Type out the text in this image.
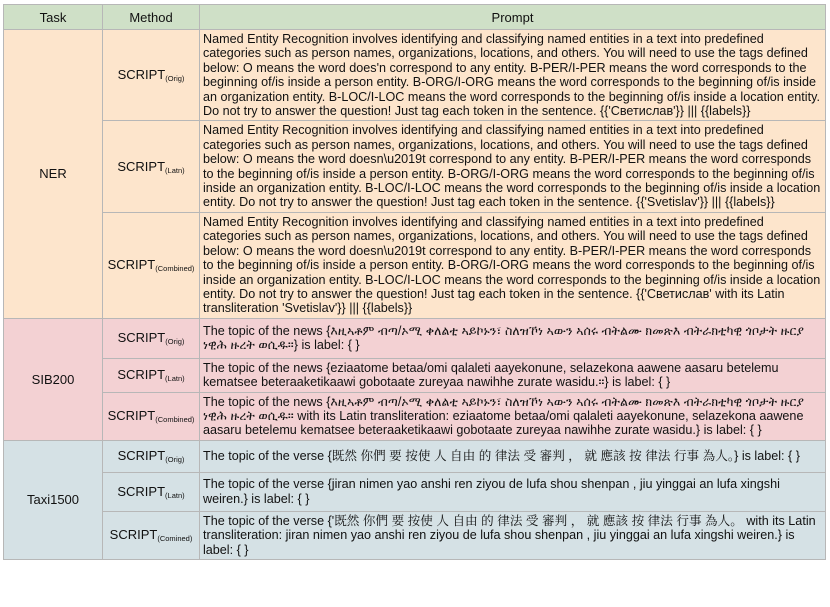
Task	Method	Prompt
NER	$SCRIPT_{(Orig)}$	Named Entity Recognition involves identifying and classifying named entities in a text into predefined categories such as person names, organizations, locations, and others. You will need to use the tags defined below: O means the word does'n correspond to any entity. B-PER/I-PER means the word corresponds to the beginning of/is inside a person entity. B-ORG/I-ORG means the word corresponds to the beginning of/is inside an organization entity. B-LOC/I-LOC means the word corresponds to the beginning of/is inside a location entity. Do not try to answer the question! Just tag each token in the sentence. {{'Светислав'}} ||| {{labels}}
	$SCRIPT_{(Latn)}$	Named Entity Recognition involves identifying and classifying named entities in a text into predefined categories such as person names, organizations, locations, and others. You will need to use the tags defined below: O means the word doesn\u2019t correspond to any entity. B-PER/I-PER means the word corresponds to the beginning of/is inside a person entity. B-ORG/I-ORG means the word corresponds to the beginning of/is inside an organization entity. B-LOC/I-LOC means the word corresponds to the beginning of/is inside a location entity. Do not try to answer the question! Just tag each token in the sentence. {{'Svetislav'}} ||| {{labels}}
	$SCRIPT_{(Combined)}$	Named Entity Recognition involves identifying and classifying named entities in a text into predefined categories such as person names, organizations, locations, and others. You will need to use the tags defined below: O means the word doesn\u2019t correspond to any entity. B-PER/I-PER means the word corresponds to the beginning of/is inside a person entity. B-ORG/I-ORG means the word corresponds to the beginning of/is inside an organization entity. B-LOC/I-LOC means the word corresponds to the beginning of/is inside a location entity. Do not try to answer the question! Just tag each token in the sentence. {{'Светислав' with its Latin transliteration 'Svetislav'}} ||| {{labels}}
SIB200	$SCRIPT_{(Orig)}$	The topic of the news {እዚኣቶም ብጣ/ኦሚ ቀለልቲ ኣይኮኑን፣ ስለዝኾነ ኣውን ኣሰሩ ብትልሙ ክመጽእ ብትራክቲካዊ ጎቦታት ዙርያ ነዊሕ ዙረት ወሲዱ።} is label: { }
	$SCRIPT_{(Latn)}$	The topic of the news {eziaatome betaa/omi qalaleti aayekonune, selazekona aawene aasaru betelemu kematsee beteraaketikaawi gobotaate zureyaa nawihhe zurate wasidu.።} is label: { }
	$SCRIPT_{(Combined)}$	The topic of the news {እዚኣቶም ብጣ/ኦሚ ቀለልቲ ኣይኮኑን፣ ስለዝኾነ ኣውን ኣሰሩ ብትልሙ ክመጽእ ብትራክቲካዊ ጎቦታት ዙርያ ነዊሕ ዙረት ወሲዱ። with its Latin transliteration: eziaatome betaa/omi qalaleti aayekonune, selazekona aawene aasaru betelemu kematsee beteraaketikaawi gobotaate zureyaa nawihhe zurate wasidu.} is label: { }
Taxi1500	$SCRIPT_{(Orig)}$	The topic of the verse {既然 你們 要 按使 人 自由 的 律法 受 審判 ， 就 應該 按 律法 行事 為人。} is label: { }
	$SCRIPT_{(Latn)}$	The topic of the verse {jiran nimen yao anshi ren ziyou de lufa shou shenpan , jiu yinggai an lufa xingshi weiren.} is label: { }
	$SCRIPT_{(Comined)}$	The topic of the verse {'既然 你們 要 按使 人 自由 的 律法 受 審判 ， 就 應該 按 律法 行事 為人。 with its Latin transliteration: jiran nimen yao anshi ren ziyou de lufa shou shenpan , jiu yinggai an lufa xingshi weiren.} is label: { }
